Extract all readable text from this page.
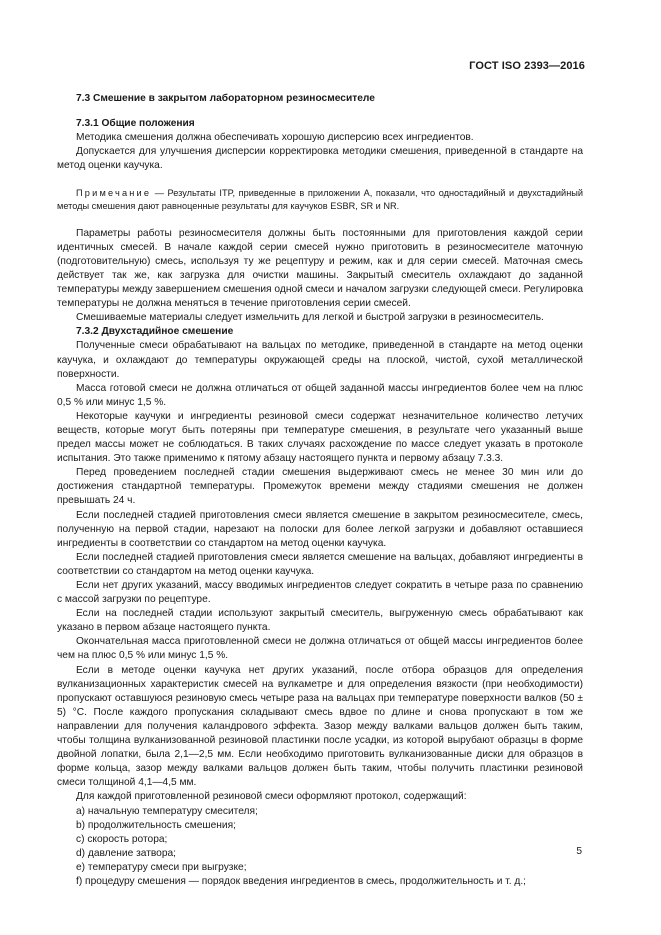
ГОСТ ISO 2393—2016

7.3 Смешение в закрытом лабораторном резиносмесителе

7.3.1 Общие положения

Методика смешения должна обеспечивать хорошую дисперсию всех ингредиентов.

Допускается для улучшения дисперсии корректировка методики смешения, приведенной в стандарте на метод оценки каучука.

Примечание — Результаты ITP, приведенные в приложении А, показали, что одностадийный и двухстадийный методы смешения дают равноценные результаты для каучуков ESBR, SR и NR.

Параметры работы резиносмесителя должны быть постоянными для приготовления каждой серии идентичных смесей. В начале каждой серии смесей нужно приготовить в резиносмесителе маточную (подготовительную) смесь, используя ту же рецептуру и режим, как и для серии смесей. Маточная смесь действует так же, как загрузка для очистки машины. Закрытый смеситель охлаждают до заданной температуры между завершением смешения одной смеси и началом загрузки следующей смеси. Регулировка температуры не должна меняться в течение приготовления серии смесей.

Смешиваемые материалы следует измельчить для легкой и быстрой загрузки в резиносмеситель.

7.3.2 Двухстадийное смешение

Полученные смеси обрабатывают на вальцах по методике, приведенной в стандарте на метод оценки каучука, и охлаждают до температуры окружающей среды на плоской, чистой, сухой металлической поверхности.

Масса готовой смеси не должна отличаться от общей заданной массы ингредиентов более чем на плюс 0,5 % или минус 1,5 %.

Некоторые каучуки и ингредиенты резиновой смеси содержат незначительное количество летучих веществ, которые могут быть потеряны при температуре смешения, в результате чего указанный выше предел массы может не соблюдаться. В таких случаях расхождение по массе следует указать в протоколе испытания. Это также применимо к пятому абзацу настоящего пункта и первому абзацу 7.3.3.

Перед проведением последней стадии смешения выдерживают смесь не менее 30 мин или до достижения стандартной температуры. Промежуток времени между стадиями смешения не должен превышать 24 ч.

Если последней стадией приготовления смеси является смешение в закрытом резиносмесителе, смесь, полученную на первой стадии, нарезают на полоски для более легкой загрузки и добавляют оставшиеся ингредиенты в соответствии со стандартом на метод оценки каучука.

Если последней стадией приготовления смеси является смешение на вальцах, добавляют ингредиенты в соответствии со стандартом на метод оценки каучука.

Если нет других указаний, массу вводимых ингредиентов следует сократить в четыре раза по сравнению с массой загрузки по рецептуре.

Если на последней стадии используют закрытый смеситель, выгруженную смесь обрабатывают как указано в первом абзаце настоящего пункта.

Окончательная масса приготовленной смеси не должна отличаться от общей массы ингредиентов более чем на плюс 0,5 % или минус 1,5 %.

Если в методе оценки каучука нет других указаний, после отбора образцов для определения вулканизационных характеристик смесей на вулкаметре и для определения вязкости (при необходимости) пропускают оставшуюся резиновую смесь четыре раза на вальцах при температуре поверхности валков (50 ± 5) °С. После каждого пропускания складывают смесь вдвое по длине и снова пропускают в том же направлении для получения каландрового эффекта. Зазор между валками вальцов должен быть таким, чтобы толщина вулканизованной резиновой пластинки после усадки, из которой вырубают образцы в форме двойной лопатки, была 2,1—2,5 мм. Если необходимо приготовить вулканизованные диски для образцов в форме кольца, зазор между валками вальцов должен быть таким, чтобы получить пластинки резиновой смеси толщиной 4,1—4,5 мм.

Для каждой приготовленной резиновой смеси оформляют протокол, содержащий:

a) начальную температуру смесителя;

b) продолжительность смешения;

c) скорость ротора;

d) давление затвора;

e) температуру смеси при выгрузке;

f) процедуру смешения — порядок введения ингредиентов в смесь, продолжительность и т. д.;

5
